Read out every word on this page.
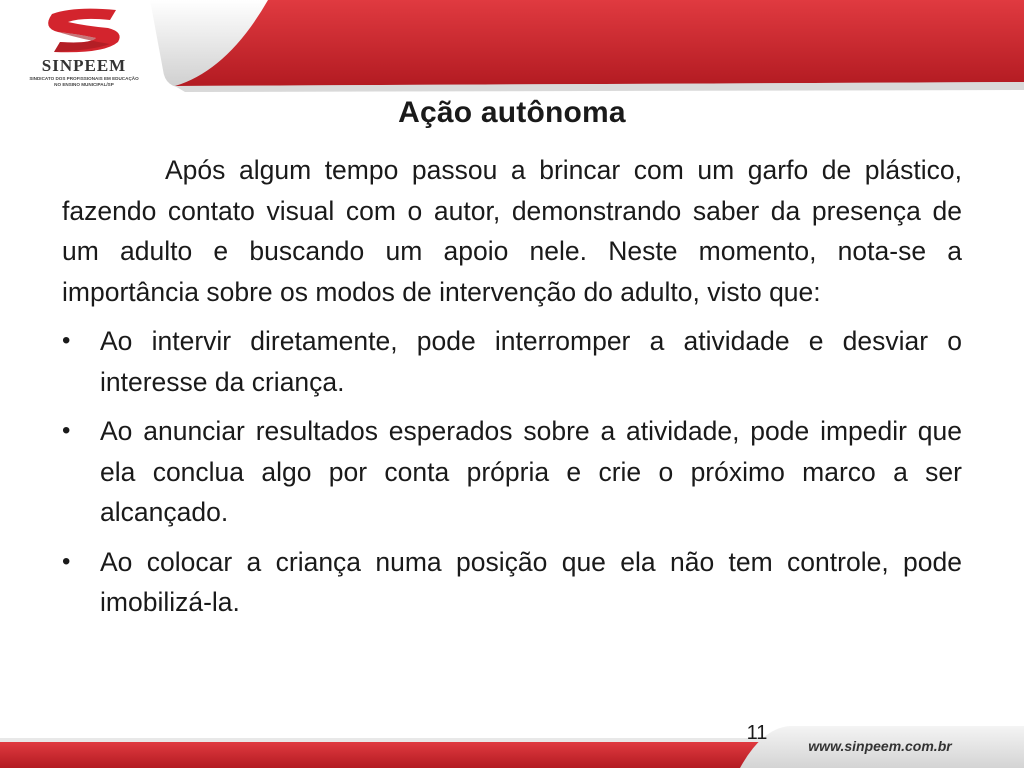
SINPEEM
SINDICATO DOS PROFISSIONAIS EM EDUCAÇÃO NO ENSINO MUNICIPAL/SP
Ação autônoma

Após algum tempo passou a brincar com um garfo de plástico, fazendo contato visual com o autor, demonstrando saber da presença de um adulto e buscando um apoio nele. Neste momento, nota-se a importância sobre os modos de intervenção do adulto, visto que:

• Ao intervir diretamente, pode interromper a atividade e desviar o interesse da criança.
• Ao anunciar resultados esperados sobre a atividade, pode impedir que ela conclua algo por conta própria e crie o próximo marco a ser alcançado.
• Ao colocar a criança numa posição que ela não tem controle, pode imobilizá-la.
11
www.sinpeem.com.br
